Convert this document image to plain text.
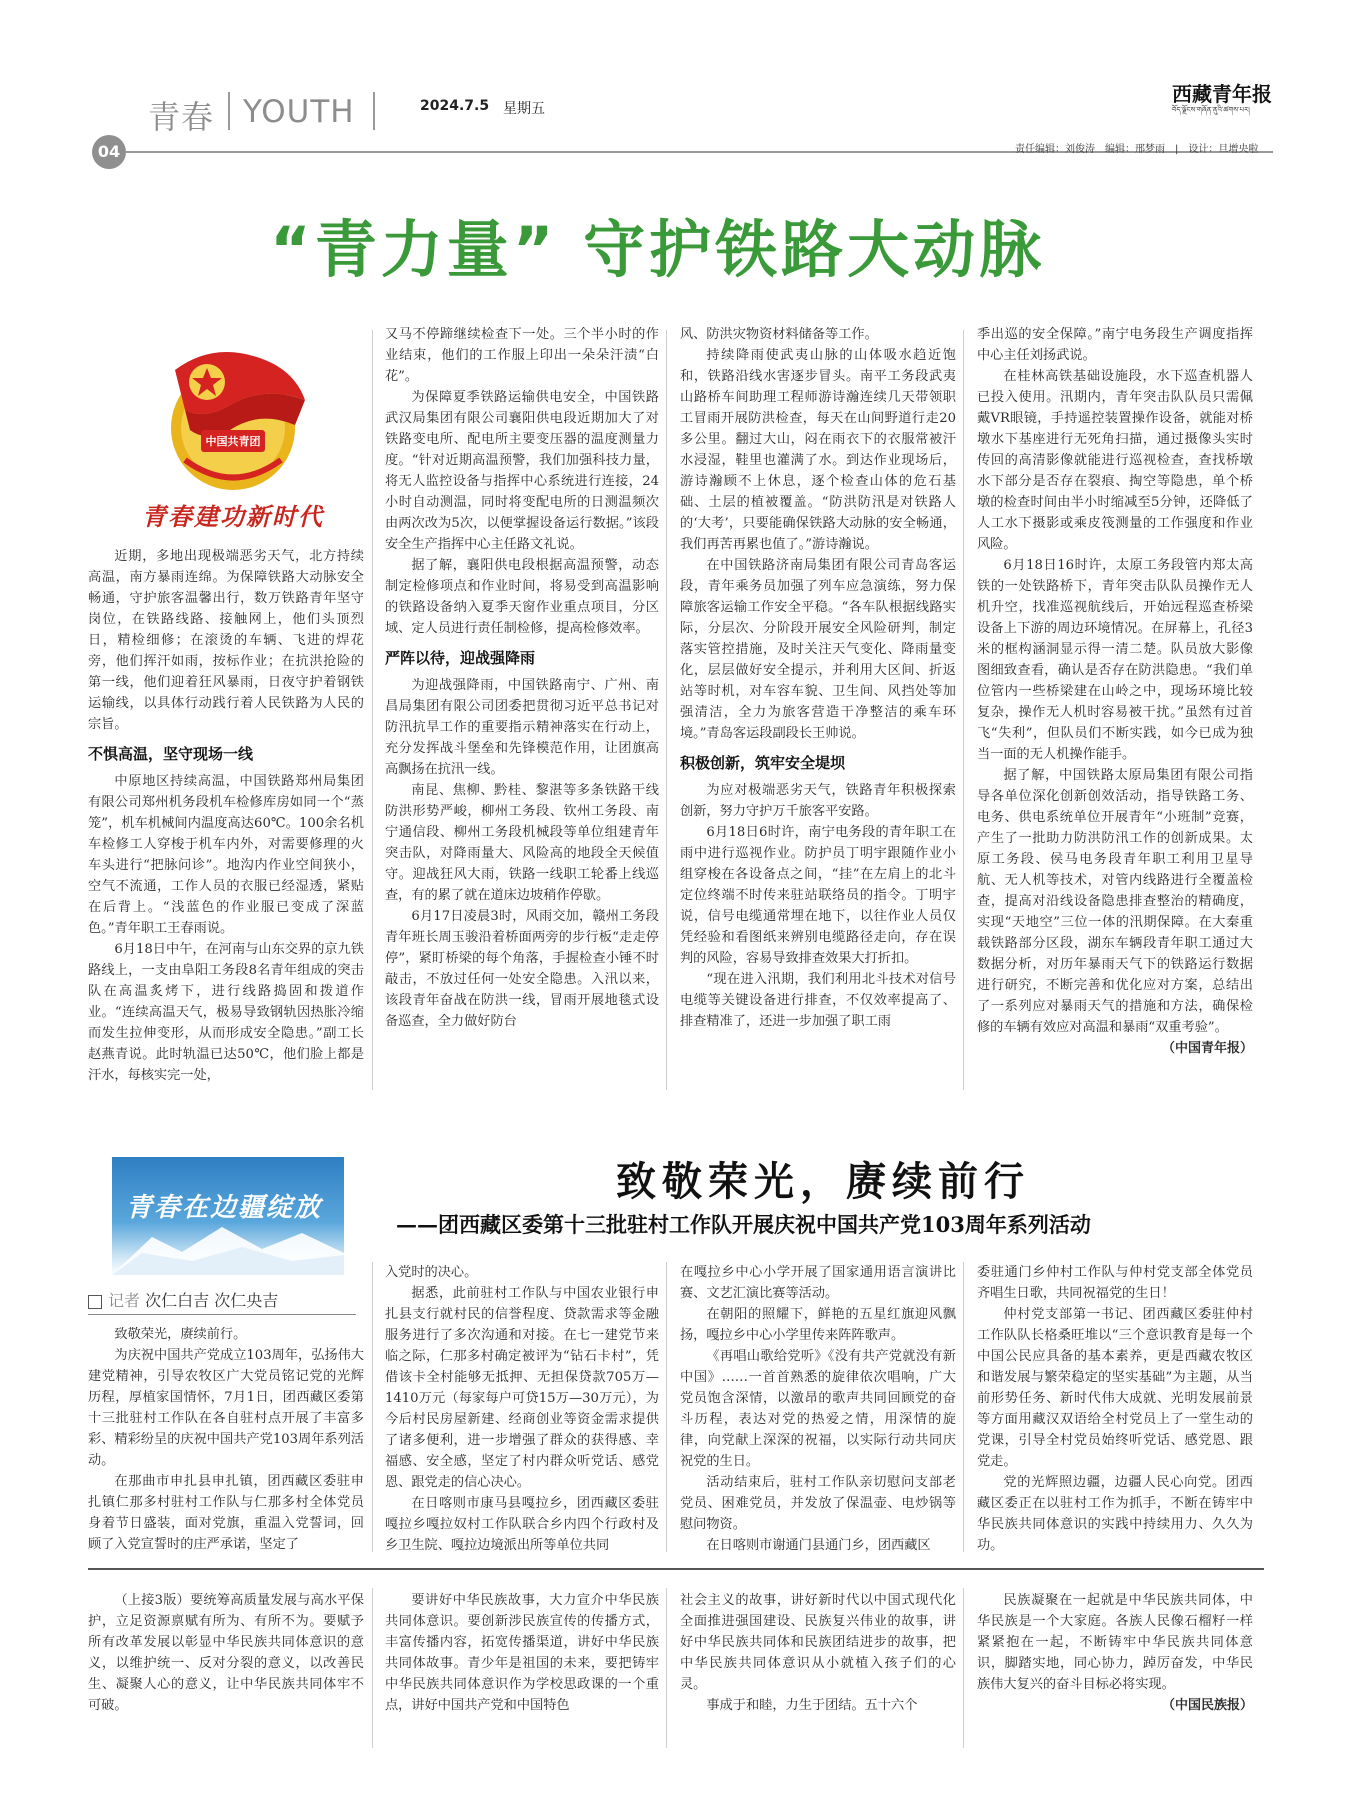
青春 YOUTH	2024.7.5 星期五
04
西藏青年报
བོད་ལྗོངས་གཞོན་ནུའི་ཚགས་པར།
责任编辑：刘俊涛　编辑：邢梦雨　|　设计：旦增央啦
“青力量” 守护铁路大动脉
中国共青团
青春建功新时代

近期，多地出现极端恶劣天气，北方持续高温，南方暴雨连绵。为保障铁路大动脉安全畅通，守护旅客温馨出行，数万铁路青年坚守岗位，在铁路线路、接触网上，他们头顶烈日，精检细修；在滚烫的车辆、飞进的焊花旁，他们挥汗如雨，按标作业；在抗洪抢险的第一线，他们迎着狂风暴雨，日夜守护着钢铁运输线，以具体行动践行着人民铁路为人民的宗旨。

不惧高温，坚守现场一线

中原地区持续高温，中国铁路郑州局集团有限公司郑州机务段机车检修库房如同一个“蒸笼”，机车机械间内温度高达60℃。100余名机车检修工人穿梭于机车内外，对需要修理的火车头进行“把脉问诊”。地沟内作业空间狭小，空气不流通，工作人员的衣服已经湿透，紧贴在后背上。“浅蓝色的作业服已变成了深蓝色。”青年职工王春雨说。

6月18日中午，在河南与山东交界的京九铁路线上，一支由阜阳工务段8名青年组成的突击队在高温炙烤下，进行线路捣固和拨道作业。“连续高温天气，极易导致钢轨因热胀冷缩而发生拉伸变形，从而形成安全隐患。”副工长赵燕青说。此时轨温已达50℃，他们脸上都是汗水，每核实完一处，

又马不停蹄继续检查下一处。三个半小时的作业结束，他们的工作服上印出一朵朵汗渍“白花”。

为保障夏季铁路运输供电安全，中国铁路武汉局集团有限公司襄阳供电段近期加大了对铁路变电所、配电所主要变压器的温度测量力度。“针对近期高温预警，我们加强科技力量，将无人监控设备与指挥中心系统进行连接，24小时自动测温，同时将变配电所的日测温频次由两次改为5次，以便掌握设备运行数据。”该段安全生产指挥中心主任路文礼说。

据了解，襄阳供电段根据高温预警，动态制定检修项点和作业时间，将易受到高温影响的铁路设备纳入夏季天窗作业重点项目，分区域、定人员进行责任制检修，提高检修效率。

严阵以待，迎战强降雨

为迎战强降雨，中国铁路南宁、广州、南昌局集团有限公司团委把贯彻习近平总书记对防汛抗旱工作的重要指示精神落实在行动上，充分发挥战斗堡垒和先锋模范作用，让团旗高高飘扬在抗汛一线。

南昆、焦柳、黔桂、黎湛等多条铁路干线防洪形势严峻，柳州工务段、钦州工务段、南宁通信段、柳州工务段机械段等单位组建青年突击队，对降雨量大、风险高的地段全天候值守。迎战狂风大雨，铁路一线职工轮番上线巡查，有的累了就在道床边坡稍作停歇。

6月17日凌晨3时，风雨交加，赣州工务段青年班长周玉骏沿着桥面两旁的步行板“走走停停”，紧盯桥梁的每个角落，手握检查小锤不时敲击，不放过任何一处安全隐患。入汛以来，该段青年奋战在防洪一线，冒雨开展地毯式设备巡查，全力做好防台

风、防洪灾物资材料储备等工作。

持续降雨使武夷山脉的山体吸水趋近饱和，铁路沿线水害逐步冒头。南平工务段武夷山路桥车间助理工程师游诗瀚连续几天带领职工冒雨开展防洪检查，每天在山间野道行走20多公里。翻过大山，闷在雨衣下的衣服常被汗水浸湿，鞋里也灌满了水。到达作业现场后，游诗瀚顾不上休息，逐个检查山体的危石基础、土层的植被覆盖。“防洪防汛是对铁路人的‘大考’，只要能确保铁路大动脉的安全畅通，我们再苦再累也值了。”游诗瀚说。

在中国铁路济南局集团有限公司青岛客运段，青年乘务员加强了列车应急演练，努力保障旅客运输工作安全平稳。“各车队根据线路实际，分层次、分阶段开展安全风险研判，制定落实管控措施，及时关注天气变化、降雨量变化，层层做好安全提示，并利用大区间、折返站等时机，对车容车貌、卫生间、风挡处等加强清洁，全力为旅客营造干净整洁的乘车环境。”青岛客运段副段长王帅说。

积极创新，筑牢安全堤坝

为应对极端恶劣天气，铁路青年积极探索创新，努力守护万千旅客平安路。

6月18日6时许，南宁电务段的青年职工在雨中进行巡视作业。防护员丁明宇跟随作业小组穿梭在各设备点之间，“挂”在左肩上的北斗定位终端不时传来驻站联络员的指令。丁明宇说，信号电缆通常埋在地下，以往作业人员仅凭经验和看图纸来辨别电缆路径走向，存在误判的风险，容易导致排查效果大打折扣。

“现在进入汛期，我们利用北斗技术对信号电缆等关键设备进行排查，不仅效率提高了、排查精准了，还进一步加强了职工雨

季出巡的安全保障。”南宁电务段生产调度指挥中心主任刘扬武说。

在桂林高铁基础设施段，水下巡查机器人已投入使用。汛期内，青年突击队队员只需佩戴VR眼镜，手持遥控装置操作设备，就能对桥墩水下基座进行无死角扫描，通过摄像头实时传回的高清影像就能进行巡视检查，查找桥墩水下部分是否存在裂痕、掏空等隐患，单个桥墩的检查时间由半小时缩减至5分钟，还降低了人工水下摄影或乘皮筏测量的工作强度和作业风险。

6月18日16时许，太原工务段管内郑太高铁的一处铁路桥下，青年突击队队员操作无人机升空，找准巡视航线后，开始远程巡查桥梁设备上下游的周边环境情况。在屏幕上，孔径3米的框构涵洞显示得一清二楚。队员放大影像图细致查看，确认是否存在防洪隐患。“我们单位管内一些桥梁建在山岭之中，现场环境比较复杂，操作无人机时容易被干扰。”虽然有过首飞“失利”，但队员们不断实践，如今已成为独当一面的无人机操作能手。

据了解，中国铁路太原局集团有限公司指导各单位深化创新创效活动，指导铁路工务、电务、供电系统单位开展青年“小班制”竞赛，产生了一批助力防洪防汛工作的创新成果。太原工务段、侯马电务段青年职工利用卫星导航、无人机等技术，对管内线路进行全覆盖检查，提高对沿线设备隐患排查整治的精确度，实现“天地空”三位一体的汛期保障。在大秦重载铁路部分区段，湖东车辆段青年职工通过大数据分析，对历年暴雨天气下的铁路运行数据进行研究，不断完善和优化应对方案，总结出了一系列应对暴雨天气的措施和方法，确保检修的车辆有效应对高温和暴雨“双重考验”。

（中国青年报）
青春在边疆绽放
记者 次仁白吉 次仁央吉
致敬荣光，赓续前行
——团西藏区委第十三批驻村工作队开展庆祝中国共产党103周年系列活动

致敬荣光，赓续前行。

为庆祝中国共产党成立103周年，弘扬伟大建党精神，引导农牧区广大党员铭记党的光辉历程，厚植家国情怀，7月1日，团西藏区委第十三批驻村工作队在各自驻村点开展了丰富多彩、精彩纷呈的庆祝中国共产党103周年系列活动。

在那曲市申扎县申扎镇，团西藏区委驻申扎镇仁那多村驻村工作队与仁那多村全体党员身着节日盛装，面对党旗，重温入党誓词，回顾了入党宣誓时的庄严承诺，坚定了

入党时的决心。

据悉，此前驻村工作队与中国农业银行申扎县支行就村民的信誉程度、贷款需求等金融服务进行了多次沟通和对接。在七一建党节来临之际，仁那多村确定被评为“钻石卡村”，凭借该卡全村能够无抵押、无担保贷款705万—1410万元（每家每户可贷15万—30万元），为今后村民房屋新建、经商创业等资金需求提供了诸多便利，进一步增强了群众的获得感、幸福感、安全感，坚定了村内群众听党话、感党恩、跟党走的信心决心。

在日喀则市康马县嘎拉乡，团西藏区委驻嘎拉乡嘎拉奴村工作队联合乡内四个行政村及乡卫生院、嘎拉边境派出所等单位共同

在嘎拉乡中心小学开展了国家通用语言演讲比赛、文艺汇演比赛等活动。

在朝阳的照耀下，鲜艳的五星红旗迎风飘扬，嘎拉乡中心小学里传来阵阵歌声。

《再唱山歌给党听》《没有共产党就没有新中国》……一首首熟悉的旋律依次唱响，广大党员饱含深情，以激昂的歌声共同回顾党的奋斗历程，表达对党的热爱之情，用深情的旋律，向党献上深深的祝福，以实际行动共同庆祝党的生日。

活动结束后，驻村工作队亲切慰问支部老党员、困难党员，并发放了保温壶、电炒锅等慰问物资。

在日喀则市谢通门县通门乡，团西藏区

委驻通门乡仲村工作队与仲村党支部全体党员齐唱生日歌，共同祝福党的生日！

仲村党支部第一书记、团西藏区委驻仲村工作队队长格桑旺堆以“三个意识教育是每一个中国公民应具备的基本素养，更是西藏农牧区和谐发展与繁荣稳定的坚实基础”为主题，从当前形势任务、新时代伟大成就、光明发展前景等方面用藏汉双语给全村党员上了一堂生动的党课，引导全村党员始终听党话、感党恩、跟党走。

党的光辉照边疆，边疆人民心向党。团西藏区委正在以驻村工作为抓手，不断在铸牢中华民族共同体意识的实践中持续用力、久久为功。

（上接3版）要统筹高质量发展与高水平保护，立足资源禀赋有所为、有所不为。要赋予所有改革发展以彰显中华民族共同体意识的意义，以维护统一、反对分裂的意义，以改善民生、凝聚人心的意义，让中华民族共同体牢不可破。

要讲好中华民族故事，大力宣介中华民族共同体意识。要创新涉民族宣传的传播方式，丰富传播内容，拓宽传播渠道，讲好中华民族共同体故事。青少年是祖国的未来，要把铸牢中华民族共同体意识作为学校思政课的一个重点，讲好中国共产党和中国特色

社会主义的故事，讲好新时代以中国式现代化全面推进强国建设、民族复兴伟业的故事，讲好中华民族共同体和民族团结进步的故事，把中华民族共同体意识从小就植入孩子们的心灵。

事成于和睦，力生于团结。五十六个

民族凝聚在一起就是中华民族共同体，中华民族是一个大家庭。各族人民像石榴籽一样紧紧抱在一起，不断铸牢中华民族共同体意识，脚踏实地，同心协力，踔厉奋发，中华民族伟大复兴的奋斗目标必将实现。

（中国民族报）
